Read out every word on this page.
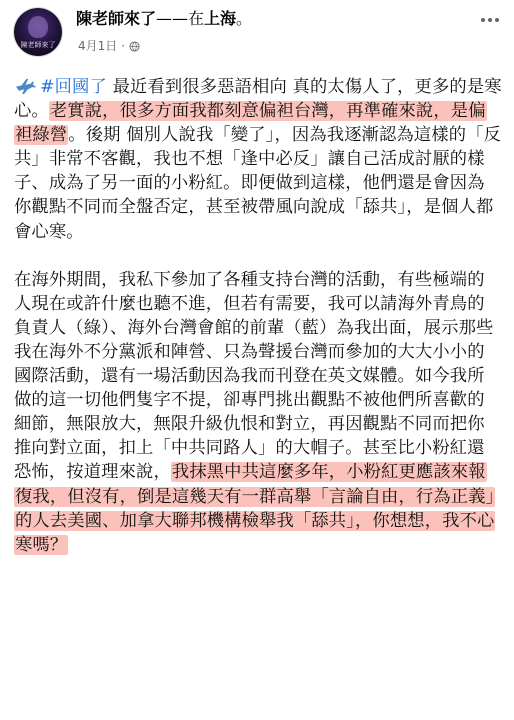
陳老師來了
陳老師來了——在上海。
4月1日 ·

#回國了 最近看到很多惡語相向 真的太傷人了，更多的是寒心。老實說，很多方面我都刻意偏袒台灣，再準確來說，是偏袒綠營。後期 個別人說我「變了」，因為我逐漸認為這樣的「反共」非常不客觀，我也不想「逢中必反」讓自己活成討厭的樣子、成為了另一面的小粉紅。即便做到這樣，他們還是會因為你觀點不同而全盤否定，甚至被帶風向說成「舔共」，是個人都會心寒。

在海外期間，我私下參加了各種支持台灣的活動，有些極端的人現在或許什麼也聽不進，但若有需要，我可以請海外青鳥的負責人（綠）、海外台灣會館的前輩（藍）為我出面，展示那些我在海外不分黨派和陣營、只為聲援台灣而參加的大大小小的國際活動，還有一場活動因為我而刊登在英文媒體。如今我所做的這一切他們隻字不提，卻專門挑出觀點不被他們所喜歡的細節，無限放大，無限升級仇恨和對立，再因觀點不同而把你推向對立面，扣上「中共同路人」的大帽子。甚至比小粉紅還恐怖，按道理來說，我抹黑中共這麼多年，小粉紅更應該來報復我，但沒有，倒是這幾天有一群高舉「言論自由，行為正義」的人去美國、加拿大聯邦機構檢舉我「舔共」，你想想，我不心寒嗎？
